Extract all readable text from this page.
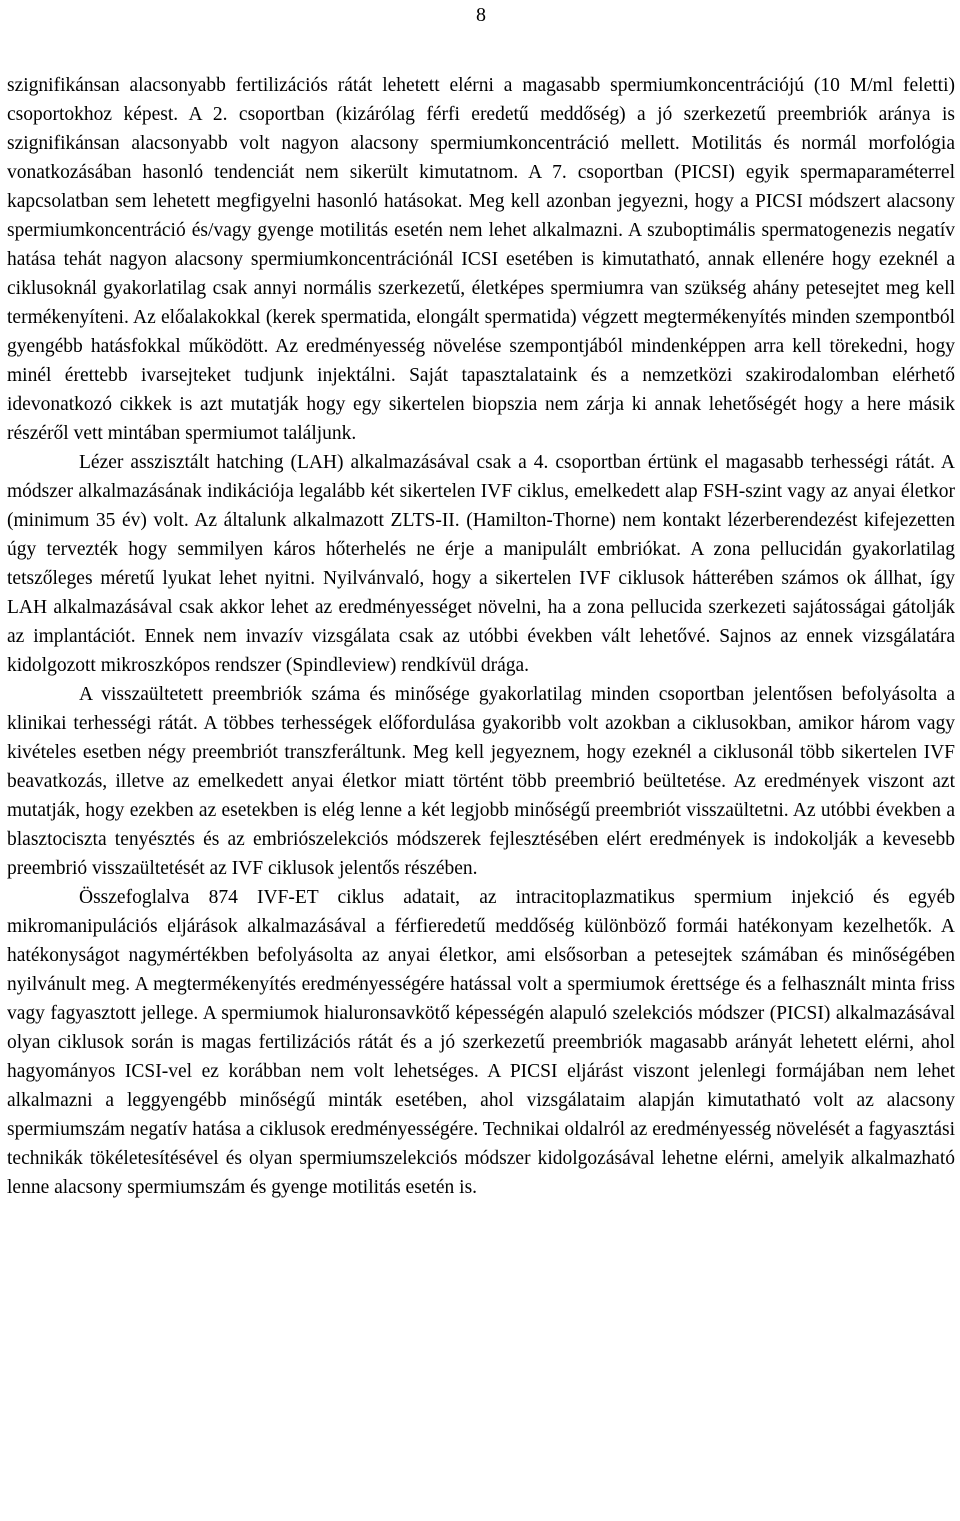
8

szignifikánsan alacsonyabb fertilizációs rátát lehetett elérni a magasabb spermiumkoncentrációjú (10 M/ml feletti) csoportokhoz képest. A 2. csoportban (kizárólag férfi eredetű meddőség) a jó szerkezetű preembriók aránya is szignifikánsan alacsonyabb volt nagyon alacsony spermiumkoncentráció mellett. Motilitás és normál morfológia vonatkozásában hasonló tendenciát nem sikerült kimutatnom. A 7. csoportban (PICSI) egyik spermaparaméterrel kapcsolatban sem lehetett megfigyelni hasonló hatásokat. Meg kell azonban jegyezni, hogy a PICSI módszert alacsony spermiumkoncentráció és/vagy gyenge motilitás esetén nem lehet alkalmazni. A szuboptimális spermatogenezis negatív hatása tehát nagyon alacsony spermiumkoncentrációnál ICSI esetében is kimutatható, annak ellenére hogy ezeknél a ciklusoknál gyakorlatilag csak annyi normális szerkezetű, életképes spermiumra van szükség ahány petesejtet meg kell termékenyíteni. Az előalakokkal (kerek spermatida, elongált spermatida) végzett megtermékenyítés minden szempontból gyengébb hatásfokkal működött. Az eredményesség növelése szempontjából mindenképpen arra kell törekedni, hogy minél érettebb ivarsejteket tudjunk injektálni. Saját tapasztalataink és a nemzetközi szakirodalomban elérhető idevonatkozó cikkek is azt mutatják hogy egy sikertelen biopszia nem zárja ki annak lehetőségét hogy a here másik részéről vett mintában spermiumot találjunk.

Lézer asszisztált hatching (LAH) alkalmazásával csak a 4. csoportban értünk el magasabb terhességi rátát. A módszer alkalmazásának indikációja legalább két sikertelen IVF ciklus, emelkedett alap FSH-szint vagy az anyai életkor (minimum 35 év) volt. Az általunk alkalmazott ZLTS-II. (Hamilton-Thorne) nem kontakt lézerberendezést kifejezetten úgy tervezték hogy semmilyen káros hőterhelés ne érje a manipulált embriókat. A zona pellucidán gyakorlatilag tetszőleges méretű lyukat lehet nyitni. Nyilvánvaló, hogy a sikertelen IVF ciklusok hátterében számos ok állhat, így LAH alkalmazásával csak akkor lehet az eredményességet növelni, ha a zona pellucida szerkezeti sajátosságai gátolják az implantációt. Ennek nem invazív vizsgálata csak az utóbbi években vált lehetővé. Sajnos az ennek vizsgálatára kidolgozott mikroszkópos rendszer (Spindleview) rendkívül drága.

A visszaültetett preembriók száma és minősége gyakorlatilag minden csoportban jelentősen befolyásolta a klinikai terhességi rátát. A többes terhességek előfordulása gyakoribb volt azokban a ciklusokban, amikor három vagy kivételes esetben négy preembriót transzferáltunk. Meg kell jegyeznem, hogy ezeknél a ciklusonál több sikertelen IVF beavatkozás, illetve az emelkedett anyai életkor miatt történt több preembrió beültetése. Az eredmények viszont azt mutatják, hogy ezekben az esetekben is elég lenne a két legjobb minőségű preembriót visszaültetni. Az utóbbi években a blasztociszta tenyésztés és az embriószelekciós módszerek fejlesztésében elért eredmények is indokolják a kevesebb preembrió visszaültetését az IVF ciklusok jelentős részében.

Összefoglalva 874 IVF-ET ciklus adatait, az intracitoplazmatikus spermium injekció és egyéb mikromanipulációs eljárások alkalmazásával a férfieredetű meddőség különböző formái hatékonyam kezelhetők. A hatékonyságot nagymértékben befolyásolta az anyai életkor, ami elsősorban a petesejtek számában és minőségében nyilvánult meg. A megtermékenyítés eredményességére hatással volt a spermiumok érettsége és a felhasznált minta friss vagy fagyasztott jellege. A spermiumok hialuronsavkötő képességén alapuló szelekciós módszer (PICSI) alkalmazásával olyan ciklusok során is magas fertilizációs rátát és a jó szerkezetű preembriók magasabb arányát lehetett elérni, ahol hagyományos ICSI-vel ez korábban nem volt lehetséges. A PICSI eljárást viszont jelenlegi formájában nem lehet alkalmazni a leggyengébb minőségű minták esetében, ahol vizsgálataim alapján kimutatható volt az alacsony spermiumszám negatív hatása a ciklusok eredményességére. Technikai oldalról az eredményesség növelését a fagyasztási technikák tökéletesítésével és olyan spermiumszelekciós módszer kidolgozásával lehetne elérni, amelyik alkalmazható lenne alacsony spermiumszám és gyenge motilitás esetén is.
